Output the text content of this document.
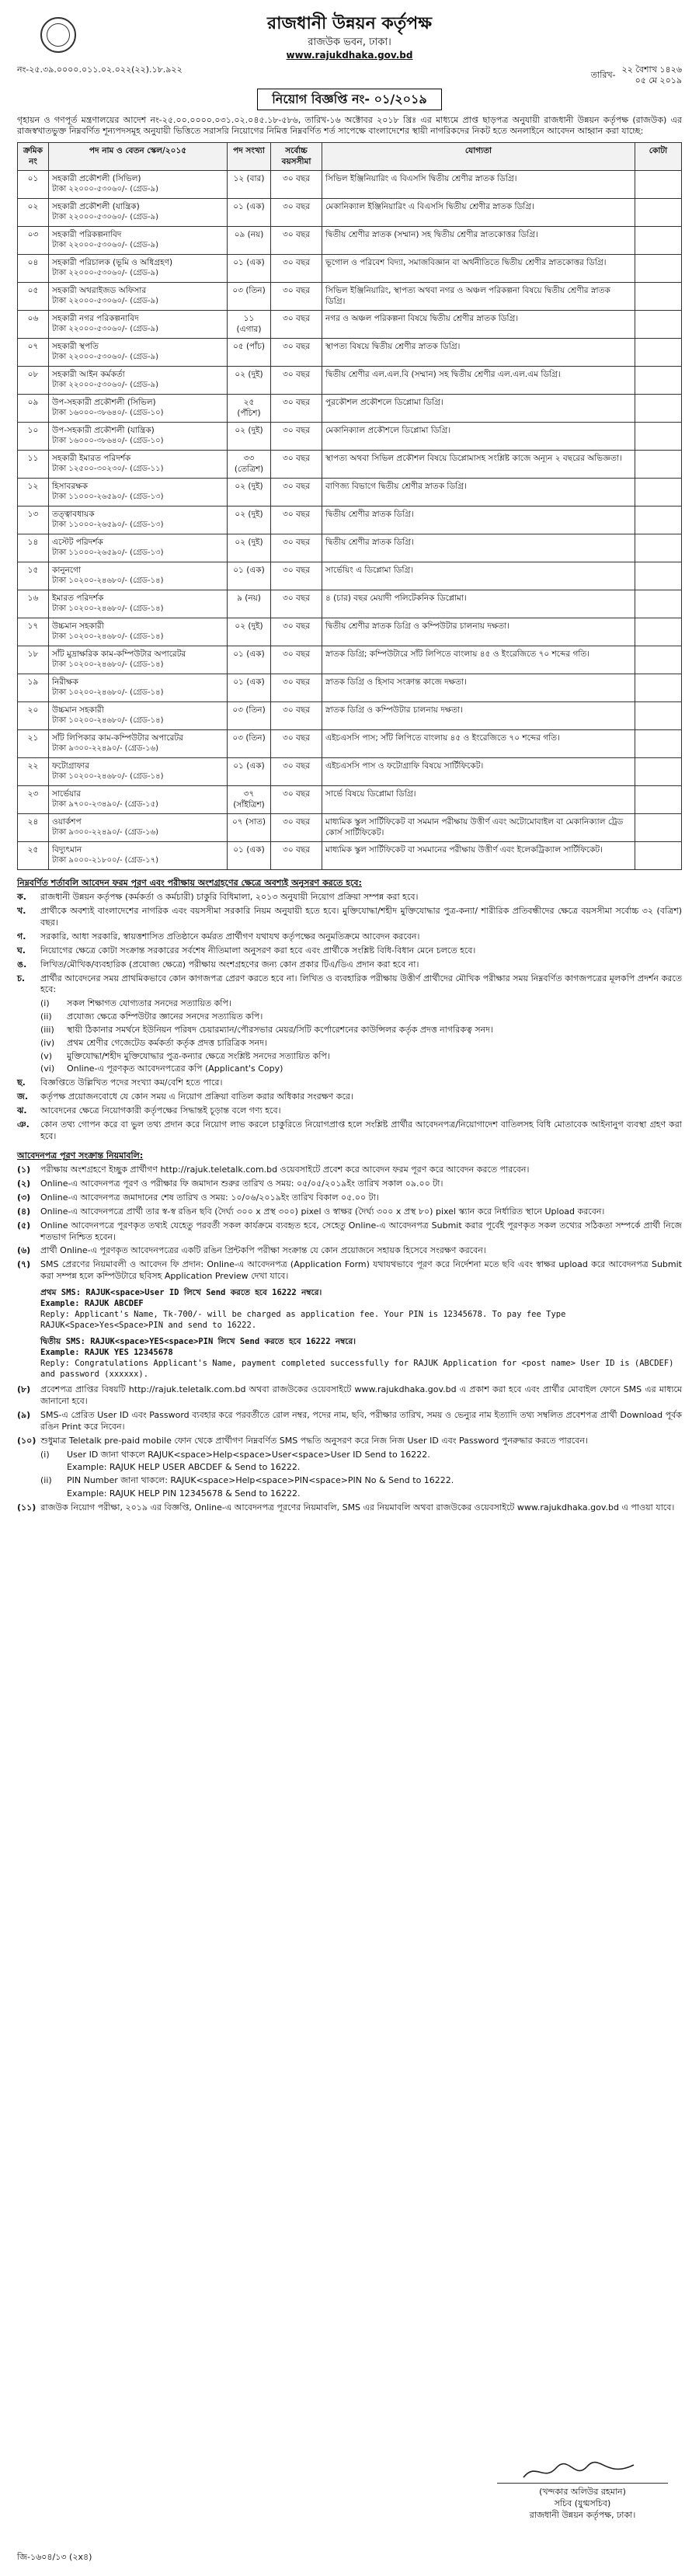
রাজধানী উন্নয়ন কর্তৃপক্ষ
রাজউক ভবন, ঢাকা।
www.rajukdhaka.gov.bd
নং-২৫.৩৯.০০০০.০১১.০২.০২২(২২).১৮.৯২২	তারিখ- ২২ বৈশাখ ১৪২৬
০৫ মে ২০১৯
নিয়োগ বিজ্ঞপ্তি নং- ০১/২০১৯

গৃহায়ন ও গণপূর্ত মন্ত্রণালয়ের আদেশ নং-২৫.০০.০০০০.০৩১.০২.০৪৫.১৮-৫৮৬, তারিখ-১৬ অক্টোবর ২০১৮ খ্রিঃ এর মাধ্যমে প্রাপ্ত ছাড়পত্র অনুযায়ী রাজধানী উন্নয়ন কর্তৃপক্ষ (রাজউক) এর রাজস্বখাতভুক্ত নিম্নবর্ণিত শূন্যপদসমূহ অনুযায়ী ভিত্তিতে সরাসরি নিয়োগের নিমিত্ত নিম্নবর্ণিত শর্ত সাপেক্ষে বাংলাদেশের স্থায়ী নাগরিকদের নিকট হতে অনলাইনে আবেদন আহ্বান করা যাচ্ছে:

ক্রমিক নং	পদ নাম ও বেতন স্কেল/২০১৫	পদ সংখ্যা	সর্বোচ্চ বয়সসীমা	যোগ্যতা	কোটা
০১	সহকারী প্রকৌশলী (সিভিল)
টাকা ২২০০০-৫৩০৬০/- (গ্রেড-৯)	১২ (বার)	৩০ বছর	সিভিল ইঞ্জিনিয়ারিং এ বিএসসি দ্বিতীয় শ্রেণীর স্নাতক ডিগ্রি।	
০২	সহকারী প্রকৌশলী (যান্ত্রিক)
টাকা ২২০০০-৫৩০৬০/- (গ্রেড-৯)	০১ (এক)	৩০ বছর	মেকানিক্যাল ইঞ্জিনিয়ারিং এ বিএসসি দ্বিতীয় শ্রেণীর স্নাতক ডিগ্রি।	
০৩	সহকারী পরিকল্পনাবিদ
টাকা ২২০০০-৫৩০৬০/- (গ্রেড-৯)	০৯ (নয়)	৩০ বছর	দ্বিতীয় শ্রেণীর স্নাতক (সম্মান) সহ দ্বিতীয় শ্রেণীর স্নাতকোত্তর ডিগ্রি।	
০৪	সহকারী পরিচালক (ভূমি ও অধিগ্রহণ)
টাকা ২২০০০-৫৩০৬০/- (গ্রেড-৯)	০১ (এক)	৩০ বছর	ভূগোল ও পরিবেশ বিদ্যা, সমাজবিজ্ঞান বা অর্থনীতিতে দ্বিতীয় শ্রেণীর স্নাতকোত্তর ডিগ্রি।	
০৫	সহকারী অথরাইজড অফিসার
টাকা ২২০০০-৫৩০৬০/- (গ্রেড-৯)	০৩ (তিন)	৩০ বছর	সিভিল ইঞ্জিনিয়ারিং, স্থাপত্য অথবা নগর ও অঞ্চল পরিকল্পনা বিষয়ে দ্বিতীয় শ্রেণীর স্নাতক ডিগ্রি।	
০৬	সহকারী নগর পরিকল্পনাবিদ
টাকা ২২০০০-৫৩০৬০/- (গ্রেড-৯)	১১ (এগার)	৩০ বছর	নগর ও অঞ্চল পরিকল্পনা বিষয়ে দ্বিতীয় শ্রেণীর স্নাতক ডিগ্রি।	
০৭	সহকারী স্থপতি
টাকা ২২০০০-৫৩০৬০/- (গ্রেড-৯)	০৫ (পাঁচ)	৩০ বছর	স্থাপত্য বিষয়ে দ্বিতীয় শ্রেণীর স্নাতক ডিগ্রি।	
০৮	সহকারী আইন কর্মকর্তা
টাকা ২২০০০-৫৩০৬০/- (গ্রেড-৯)	০২ (দুই)	৩০ বছর	দ্বিতীয় শ্রেণীর এল.এল.বি (সম্মান) সহ দ্বিতীয় শ্রেণীর এল.এল.এম ডিগ্রি।	
০৯	উপ-সহকারী প্রকৌশলী (সিভিল)
টাকা ১৬০০০-৩৮৬৪০/- (গ্রেড-১০)	২৫ (পঁচিশ)	৩০ বছর	পুরকৌশল প্রকৌশলে ডিপ্লোমা ডিগ্রি।	
১০	উপ-সহকারী প্রকৌশলী (যান্ত্রিক)
টাকা ১৬০০০-৩৮৬৪০/- (গ্রেড-১০)	০২ (দুই)	৩০ বছর	মেকানিক্যাল প্রকৌশলে ডিপ্লোমা ডিগ্রি।	
১১	সহকারী ইমারত পরিদর্শক
টাকা ১২৫০০-৩০২৩০/- (গ্রেড-১১)	৩৩ (তেত্রিশ)	৩০ বছর	স্থাপত্য অথবা সিভিল প্রকৌশল বিষয়ে ডিপ্লোমাসহ সংশ্লিষ্ট কাজে অন্যূন ২ বছরের অভিজ্ঞতা।	
১২	হিসাবরক্ষক
টাকা ১১০০০-২৬৫৯০/- (গ্রেড-১৩)	০২ (দুই)	৩০ বছর	বাণিজ্য বিভাগে দ্বিতীয় শ্রেণীর স্নাতক ডিগ্রি।	
১৩	তত্ত্বাবধায়ক
টাকা ১১০০০-২৬৫৯০/- (গ্রেড-১৩)	০২ (দুই)	৩০ বছর	দ্বিতীয় শ্রেণীর স্নাতক ডিগ্রি।	
১৪	এস্টেট পরিদর্শক
টাকা ১১০০০-২৬৫৯০/- (গ্রেড-১৩)	০২ (দুই)	৩০ বছর	দ্বিতীয় শ্রেণীর স্নাতক ডিগ্রি।	
১৫	কানুনগো
টাকা ১০২০০-২৪৬৮০/- (গ্রেড-১৪)	০১ (এক)	৩০ বছর	সার্ভেয়িং এ ডিপ্লোমা ডিগ্রি।	
১৬	ইমারত পরিদর্শক
টাকা ১০২০০-২৪৬৮০/- (গ্রেড-১৪)	৯ (নয়)	৩০ বছর	৪ (চার) বছর মেয়াদী পলিটেকনিক ডিপ্লোমা।	
১৭	উচ্চমান সহকারী
টাকা ১০২০০-২৪৬৮০/- (গ্রেড-১৪)	০২ (দুই)	৩০ বছর	দ্বিতীয় শ্রেণীর স্নাতক ডিগ্রি ও কম্পিউটার চালনায় দক্ষতা।	
১৮	সাঁট মুদ্রাক্ষরিক কাম-কম্পিউটার অপারেটর
টাকা ১০২০০-২৪৬৮০/- (গ্রেড-১৪)	০১ (এক)	৩০ বছর	স্নাতক ডিগ্রি; কম্পিউটারে সাঁট লিপিতে বাংলায় ৪৫ ও ইংরেজিতে ৭০ শব্দের গতি।	
১৯	নিরীক্ষক
টাকা ১০২০০-২৪৬৮০/- (গ্রেড-১৪)	০১ (এক)	৩০ বছর	স্নাতক ডিগ্রি ও হিসাব সংক্রান্ত কাজে দক্ষতা।	
২০	উচ্চমান সহকারী
টাকা ১০২০০-২৪৬৮০/- (গ্রেড-১৪)	০৩ (তিন)	৩০ বছর	স্নাতক ডিগ্রি ও কম্পিউটার চালনায় দক্ষতা।	
২১	সাঁট লিপিকার কাম-কম্পিউটার অপারেটর
টাকা ৯৩০০-২২৪৯০/- (গ্রেড-১৬)	০৩ (তিন)	৩০ বছর	এইচএসসি পাস; সাঁট লিপিতে বাংলায় ৪৫ ও ইংরেজিতে ৭০ শব্দের গতি।	
২২	ফটোগ্রাফার
টাকা ১০২০০-২৪৬৮০/- (গ্রেড-১৪)	০১ (এক)	৩০ বছর	এইচএসসি পাস ও ফটোগ্রাফি বিষয়ে সার্টিফিকেট।	
২৩	সার্ভেয়ার
টাকা ৯৭০০-২৩৪৯০/- (গ্রেড-১৫)	৩৭ (সাঁইত্রিশ)	৩০ বছর	সার্ভে বিষয়ে ডিপ্লোমা ডিগ্রি।	
২৪	ওয়ার্কশপ
টাকা ৯৩০০-২২৪৯০/- (গ্রেড-১৬)	০৭ (সাত)	৩০ বছর	মাধ্যমিক স্কুল সার্টিফিকেট বা সমমান পরীক্ষায় উত্তীর্ণ এবং অটোমোবাইল বা মেকানিক্যাল ট্রেড কোর্স সার্টিফিকেট।	
২৫	বিদ্যুৎমান
টাকা ৯০০০-২১৮০০/- (গ্রেড-১৭)	০১ (এক)	৩০ বছর	মাধ্যমিক স্কুল সার্টিফিকেট বা সমমানের পরীক্ষায় উত্তীর্ণ এবং ইলেকট্রিক্যাল সার্টিফিকেট।	
নিম্নবর্ণিত শর্তাবলি আবেদন ফরম পূরণ এবং পরীক্ষায় অংশগ্রহণের ক্ষেত্রে অবশ্যই অনুসরণ করতে হবে:
ক.	রাজধানী উন্নয়ন কর্তৃপক্ষ (কর্মকর্তা ও কর্মচারী) চাকুরি বিধিমালা, ২০১৩ অনুযায়ী নিয়োগ প্রক্রিয়া সম্পন্ন করা হবে।
খ.	প্রার্থীকে অবশ্যই বাংলাদেশের নাগরিক এবং বয়সসীমা সরকারি নিয়ম অনুযায়ী হতে হবে। মুক্তিযোদ্ধা/শহীদ মুক্তিযোদ্ধার পুত্র-কন্যা/ শারীরিক প্রতিবন্ধীদের ক্ষেত্রে বয়সসীমা সর্বোচ্চ ৩২ (বত্রিশ) বছর।
গ.	সরকারি, আধা সরকারি, স্বায়ত্তশাসিত প্রতিষ্ঠানে কর্মরত প্রার্থীগণ যথাযথ কর্তৃপক্ষের অনুমতিক্রমে আবেদন করবেন।
ঘ.	নিয়োগের ক্ষেত্রে কোটা সংক্রান্ত সরকারের সর্বশেষ নীতিমালা অনুসরণ করা হবে এবং প্রার্থীকে সংশ্লিষ্ট বিধি-বিধান মেনে চলতে হবে।
ঙ.	লিখিত/মৌখিক/ব্যবহারিক (প্রযোজ্য ক্ষেত্রে) পরীক্ষায় অংশগ্রহণের জন্য কোন প্রকার টিএ/ডিএ প্রদান করা হবে না।
চ.	প্রার্থীর আবেদনের সময় প্রাথমিকভাবে কোন কাগজপত্র প্রেরণ করতে হবে না। লিখিত ও ব্যবহারিক পরীক্ষায় উত্তীর্ণ প্রার্থীদের মৌখিক পরীক্ষার সময় নিম্নবর্ণিত কাগজপত্রের মূলকপি প্রদর্শন করতে হবে:
(i)	সকল শিক্ষাগত যোগ্যতার সনদের সত্যায়িত কপি।
(ii)	প্রযোজ্য ক্ষেত্রে কম্পিউটার জ্ঞানের সনদের সত্যায়িত কপি।
(iii)	স্থায়ী ঠিকানার সমর্থনে ইউনিয়ন পরিষদ চেয়ারম্যান/পৌরসভার মেয়র/সিটি কর্পোরেশনের কাউন্সিলর কর্তৃক প্রদত্ত নাগরিকত্ব সনদ।
(iv)	প্রথম শ্রেণীর গেজেটেড কর্মকর্তা কর্তৃক প্রদত্ত চারিত্রিক সনদ।
(v)	মুক্তিযোদ্ধা/শহীদ মুক্তিযোদ্ধার পুত্র-কন্যার ক্ষেত্রে সংশ্লিষ্ট সনদের সত্যায়িত কপি।
(vi)	Online-এ পূরণকৃত আবেদনপত্রের কপি (Applicant's Copy)
ছ.	বিজ্ঞপ্তিতে উল্লিখিত পদের সংখ্যা কম/বেশি হতে পারে।
জ.	কর্তৃপক্ষ প্রয়োজনবোধে যে কোন সময় এ নিয়োগ প্রক্রিয়া বাতিল করার অধিকার সংরক্ষণ করে।
ঝ.	আবেদনের ক্ষেত্রে নিয়োগকারী কর্তৃপক্ষের সিদ্ধান্তই চূড়ান্ত বলে গণ্য হবে।
ঞ.	কোন তথ্য গোপন করে বা ভুল তথ্য প্রদান করে নিয়োগ লাভ করলে চাকুরিতে নিয়োগপ্রাপ্ত হলে সংশ্লিষ্ট প্রার্থীর আবেদনপত্র/নিয়োগাদেশ বাতিলসহ বিধি মোতাবেক আইনানুগ ব্যবস্থা গ্রহণ করা হবে।
আবেদনপত্র পূরণ সংক্রান্ত নিয়মাবলি:
(১)	পরীক্ষায় অংশগ্রহণে ইচ্ছুক প্রার্থীগণ http://rajuk.teletalk.com.bd ওয়েবসাইটে প্রবেশ করে আবেদন ফরম পূরণ করে আবেদন করতে পারবেন।
(২)	Online-এ আবেদনপত্র পূরণ ও পরীক্ষার ফি জমাদান শুরুর তারিখ ও সময়: ০৫/০৫/২০১৯ইং তারিখ সকাল ০৯.০০ টা।
(৩)	Online-এ আবেদনপত্র জমাদানের শেষ তারিখ ও সময়: ১০/০৬/২০১৯ইং তারিখ বিকাল ০৫.০০ টা।
(৪)	Online-এ আবেদনপত্রে প্রার্থী তার স্ব-স্ব রঙিন ছবি (দৈর্ঘ্য ৩০০ x প্রস্থ ৩০০) pixel ও স্বাক্ষর (দৈর্ঘ্য ৩০০ x প্রস্থ ৮০) pixel স্ক্যান করে নির্ধারিত স্থানে Upload করবেন।
(৫)	Online আবেদনপত্রে পূরণকৃত তথ্যই যেহেতু পরবর্তী সকল কার্যক্রমে ব্যবহৃত হবে, সেহেতু Online-এ আবেদনপত্র Submit করার পূর্বেই পূরণকৃত সকল তথ্যের সঠিকতা সম্পর্কে প্রার্থী নিজে শতভাগ নিশ্চিত হবেন।
(৬)	প্রার্থী Online-এ পূরণকৃত আবেদনপত্রের একটি রঙিন প্রিন্টকপি পরীক্ষা সংক্রান্ত যে কোন প্রয়োজনে সহায়ক হিসেবে সংরক্ষণ করবেন।
(৭)	SMS প্রেরণের নিয়মাবলী ও আবেদন ফি প্রদান: Online-এ আবেদনপত্র (Application Form) যথাযথভাবে পূরণ করে নির্দেশনা মতে ছবি এবং স্বাক্ষর upload করে আবেদনপত্র Submit করা সম্পন্ন হলে কম্পিউটারে ছবিসহ Application Preview দেখা যাবে।
প্রথম SMS: RAJUK<space>User ID লিখে Send করতে হবে 16222 নম্বরে।
Example: RAJUK ABCDEF
Reply: Applicant's Name, Tk-700/- will be charged as application fee. Your PIN is 12345678. To pay fee Type RAJUK<Space>Yes<Space>PIN and send to 16222.
দ্বিতীয় SMS: RAJUK<space>YES<space>PIN লিখে Send করতে হবে 16222 নম্বরে।
Example: RAJUK YES 12345678
Reply: Congratulations Applicant's Name, payment completed successfully for RAJUK Application for <post name> User ID is (ABCDEF) and password (xxxxxx).
(৮)	প্রবেশপত্র প্রাপ্তির বিষয়টি http://rajuk.teletalk.com.bd অথবা রাজউকের ওয়েবসাইটে www.rajukdhaka.gov.bd এ প্রকাশ করা হবে এবং প্রার্থীর মোবাইল ফোনে SMS এর মাধ্যমে জানানো হবে।
(৯)	SMS-এ প্রেরিত User ID এবং Password ব্যবহার করে পরবর্তীতে রোল নম্বর, পদের নাম, ছবি, পরীক্ষার তারিখ, সময় ও ভেন্যুর নাম ইত্যাদি তথ্য সম্বলিত প্রবেশপত্র প্রার্থী Download পূর্বক রঙিন Print করে নিবেন।
(১০) শুধুমাত্র Teletalk pre-paid mobile ফোন থেকে প্রার্থীগণ নিম্নবর্ণিত SMS পদ্ধতি অনুসরণ করে নিজ নিজ User ID এবং Password পুনরুদ্ধার করতে পারবেন।
(i)	User ID জানা থাকলে RAJUK<space>Help<space>User<space>User ID Send to 16222.
Example: RAJUK HELP USER ABCDEF & Send to 16222.
(ii)	PIN Number জানা থাকলে: RAJUK<space>Help<space>PIN<space>PIN No & Send to 16222.
Example: RAJUK HELP PIN 12345678 & Send to 16222.
(১১) রাজউক নিয়োগ পরীক্ষা, ২০১৯ এর বিজ্ঞপ্তি, Online-এ আবেদনপত্র পূরণের নিয়মাবলি, SMS এর নিয়মাবলি অথবা রাজউকের ওয়েবসাইটে www.rajukdhaka.gov.bd এ পাওয়া যাবে।
(খন্দকার অলিউর রহমান)
সচিব (যুগ্মসচিব)
রাজধানী উন্নয়ন কর্তৃপক্ষ, ঢাকা।
জি-১৬০৪/১৩ (২x৪)
